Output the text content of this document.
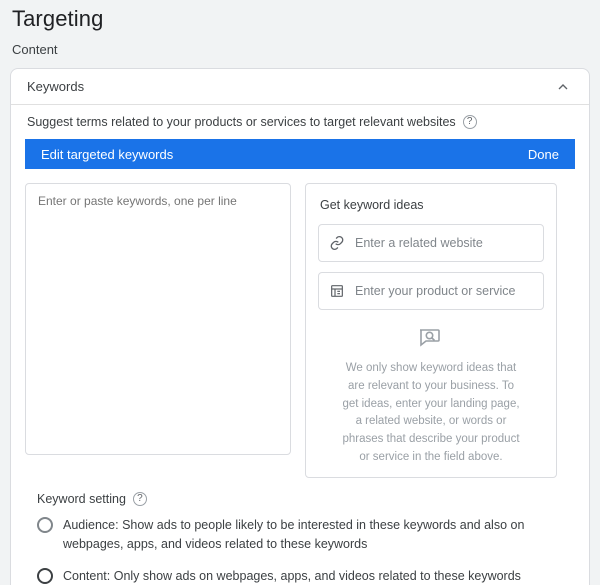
Targeting
Content
Keywords
Suggest terms related to your products or services to target relevant websites	?
Edit targeted keywords	Done
Enter or paste keywords, one per line
Get keyword ideas
Enter a related website
Enter your product or service
We only show keyword ideas that are relevant to your business. To get ideas, enter your landing page, a related website, or words or phrases that describe your product or service in the field above.
Keyword setting	?
Audience: Show ads to people likely to be interested in these keywords and also on webpages, apps, and videos related to these keywords
Content: Only show ads on webpages, apps, and videos related to these keywords
